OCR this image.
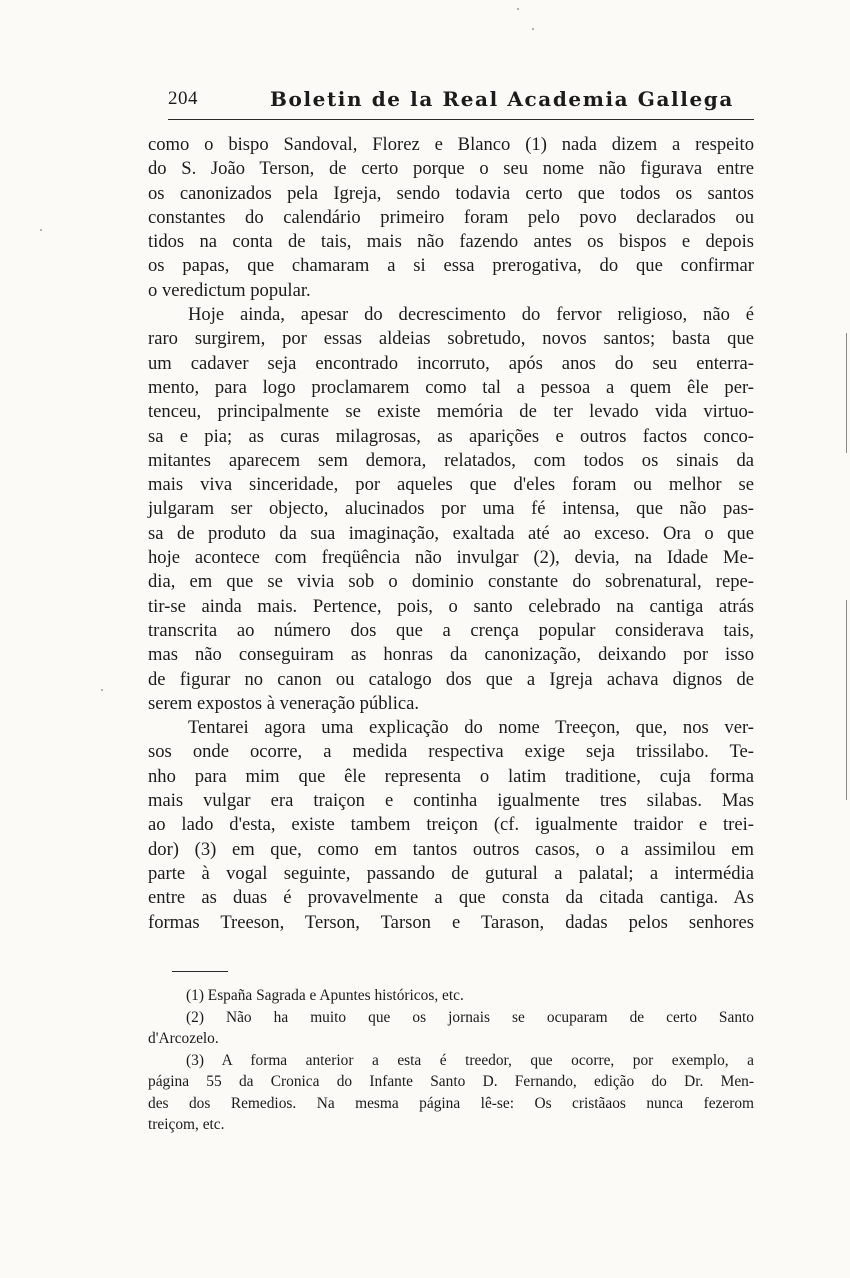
204	Boletin de la Real Academia Gallega
como o bispo Sandoval, Florez e Blanco (1) nada dizem a respeito
do S. João Terson, de certo porque o seu nome não figurava entre
os canonizados pela Igreja, sendo todavia certo que todos os santos
constantes do calendário primeiro foram pelo povo declarados ou
tidos na conta de tais, mais não fazendo antes os bispos e depois
os papas, que chamaram a si essa prerogativa, do que confirmar
o veredictum popular.
Hoje ainda, apesar do decrescimento do fervor religioso, não é
raro surgirem, por essas aldeias sobretudo, novos santos; basta que
um cadaver seja encontrado incorruto, após anos do seu enterra-
mento, para logo proclamarem como tal a pessoa a quem êle per-
tenceu, principalmente se existe memória de ter levado vida virtuo-
sa e pia; as curas milagrosas, as aparições e outros factos conco-
mitantes aparecem sem demora, relatados, com todos os sinais da
mais viva sinceridade, por aqueles que d'eles foram ou melhor se
julgaram ser objecto, alucinados por uma fé intensa, que não pas-
sa de produto da sua imaginação, exaltada até ao exceso. Ora o que
hoje acontece com freqüência não invulgar (2), devia, na Idade Me-
dia, em que se vivia sob o dominio constante do sobrenatural, repe-
tir-se ainda mais. Pertence, pois, o santo celebrado na cantiga atrás
transcrita ao número dos que a crença popular considerava tais,
mas não conseguiram as honras da canonização, deixando por isso
de figurar no canon ou catalogo dos que a Igreja achava dignos de
serem expostos à veneração pública.
Tentarei agora uma explicação do nome Treeçon, que, nos ver-
sos onde ocorre, a medida respectiva exige seja trissilabo. Te-
nho para mim que êle representa o latim traditione, cuja forma
mais vulgar era traiçon e continha igualmente tres silabas. Mas
ao lado d'esta, existe tambem treiçon (cf. igualmente traidor e trei-
dor) (3) em que, como em tantos outros casos, o a assimilou em
parte à vogal seguinte, passando de gutural a palatal; a intermédia
entre as duas é provavelmente a que consta da citada cantiga. As
formas Treeson, Terson, Tarson e Tarason, dadas pelos senhores
(1) España Sagrada e Apuntes históricos, etc.
(2) Não ha muito que os jornais se ocuparam de certo Santo
d'Arcozelo.
(3) A forma anterior a esta é treedor, que ocorre, por exemplo, a
página 55 da Cronica do Infante Santo D. Fernando, edição do Dr. Men-
des dos Remedios. Na mesma página lê-se: Os cristãaos nunca fezerom
treiçom, etc.
